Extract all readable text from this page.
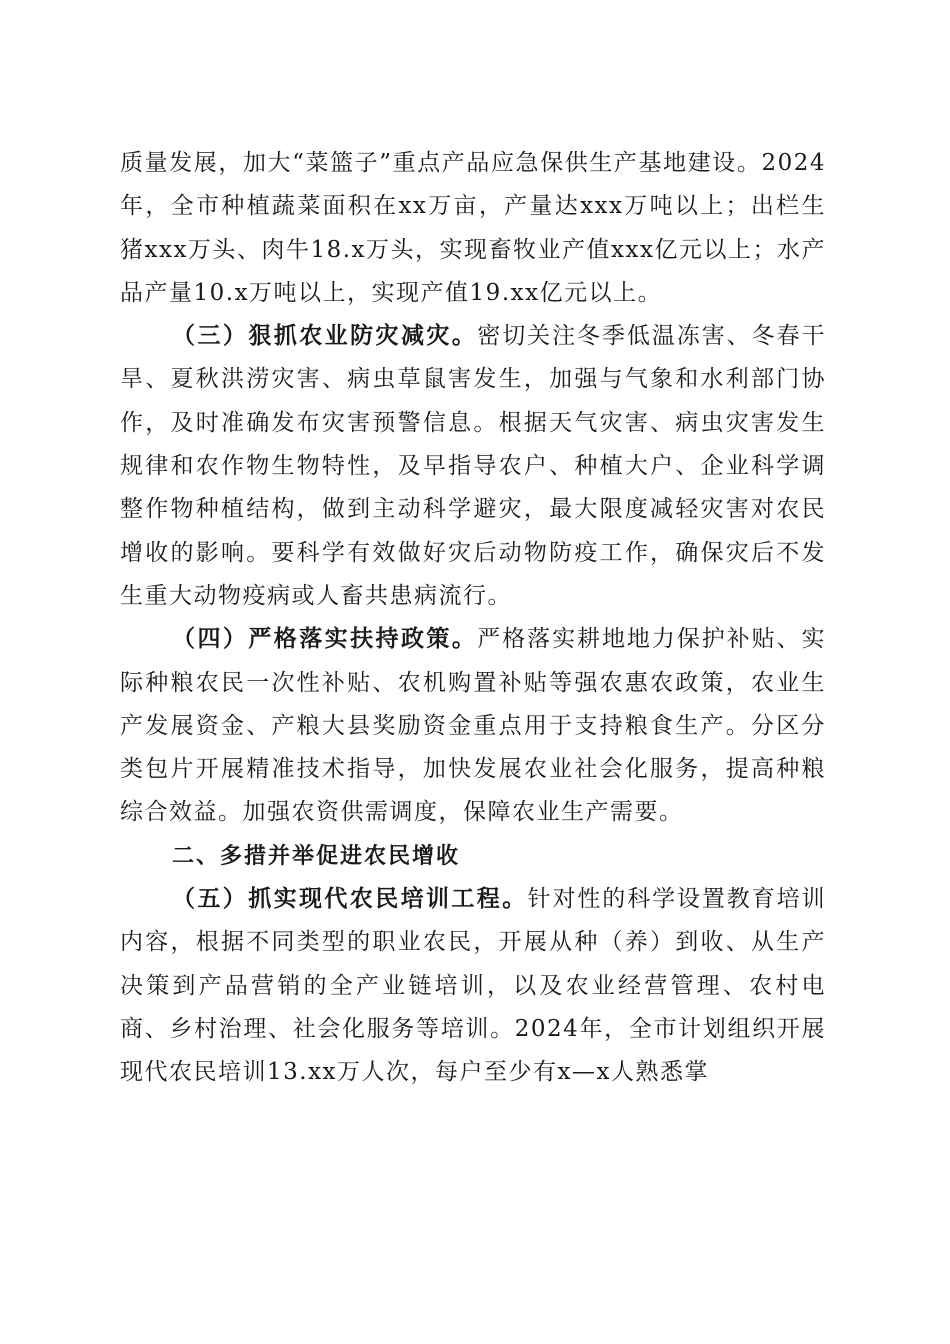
质量发展，加大“菜篮子”重点产品应急保供生产基地建设。2024年，全市种植蔬菜面积在xx万亩，产量达xxx万吨以上；出栏生猪xxx万头、肉牛18.x万头，实现畜牧业产值xxx亿元以上；水产品产量10.x万吨以上，实现产值19.xx亿元以上。

（三）狠抓农业防灾减灾。密切关注冬季低温冻害、冬春干旱、夏秋洪涝灾害、病虫草鼠害发生，加强与气象和水利部门协作，及时准确发布灾害预警信息。根据天气灾害、病虫灾害发生规律和农作物生物特性，及早指导农户、种植大户、企业科学调整作物种植结构，做到主动科学避灾，最大限度减轻灾害对农民增收的影响。要科学有效做好灾后动物防疫工作，确保灾后不发生重大动物疫病或人畜共患病流行。

（四）严格落实扶持政策。严格落实耕地地力保护补贴、实际种粮农民一次性补贴、农机购置补贴等强农惠农政策，农业生产发展资金、产粮大县奖励资金重点用于支持粮食生产。分区分类包片开展精准技术指导，加快发展农业社会化服务，提高种粮综合效益。加强农资供需调度，保障农业生产需要。

二、多措并举促进农民增收

（五）抓实现代农民培训工程。针对性的科学设置教育培训内容，根据不同类型的职业农民，开展从种（养）到收、从生产决策到产品营销的全产业链培训，以及农业经营管理、农村电商、乡村治理、社会化服务等培训。2024年，全市计划组织开展现代农民培训13.xx万人次，每户至少有x—x人熟悉掌
